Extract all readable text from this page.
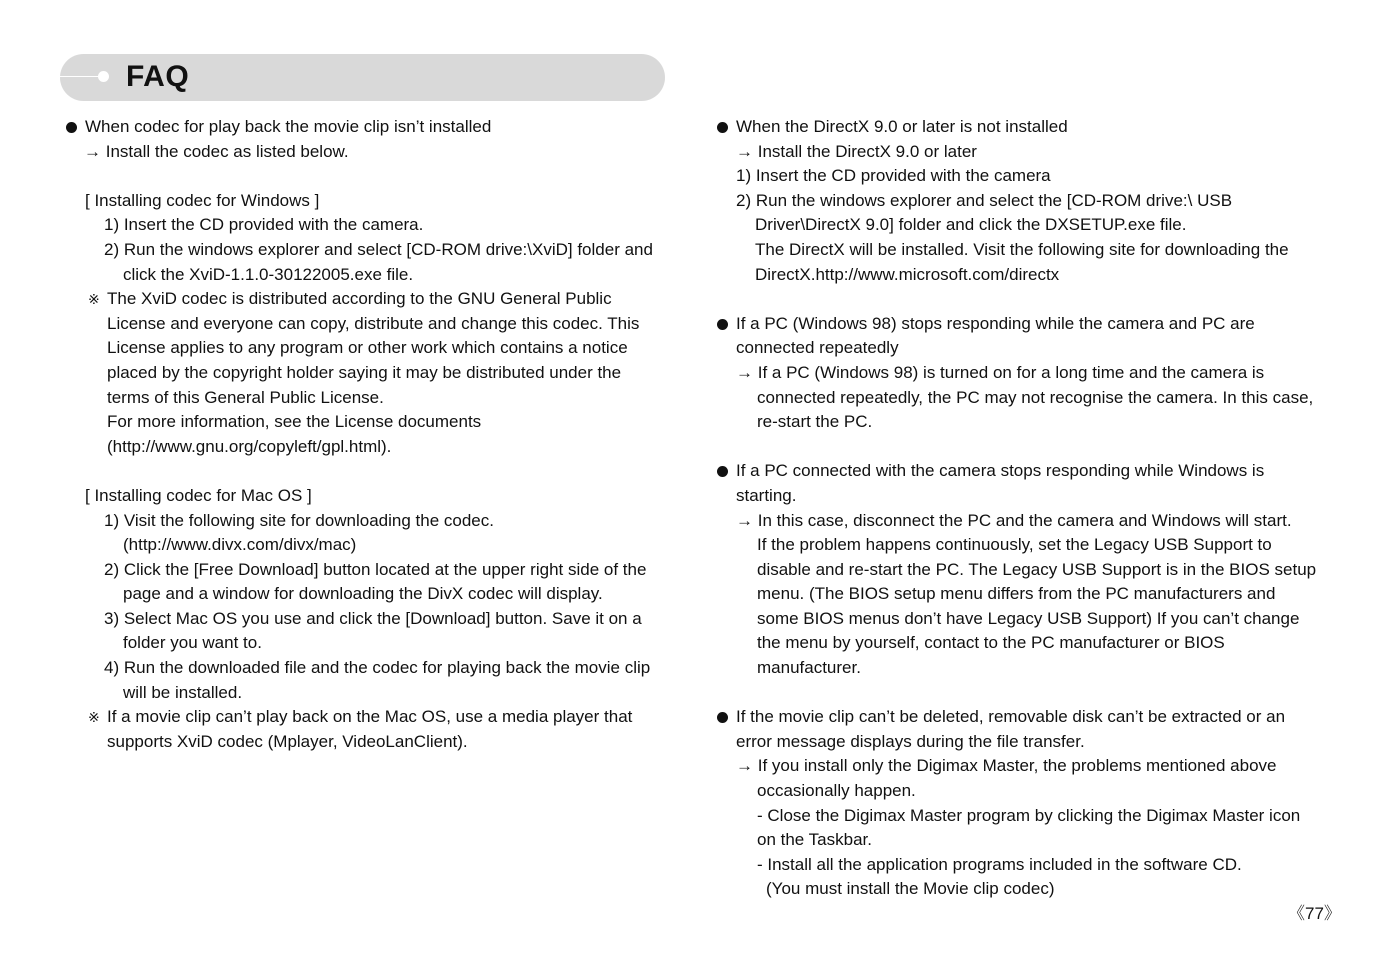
FAQ
When codec for play back the movie clip isn’t installed
→ Install the codec as listed below.
[ Installing codec for Windows ]
1) Insert the CD provided with the camera.
2) Run the windows explorer and select [CD-ROM drive:\XviD] folder and click the XviD-1.1.0-30122005.exe file.
※ The XviD codec is distributed according to the GNU General Public License and everyone can copy, distribute and change this codec. This License applies to any program or other work which contains a notice placed by the copyright holder saying it may be distributed under the terms of this General Public License.
For more information, see the License documents
(http://www.gnu.org/copyleft/gpl.html).
[ Installing codec for Mac OS ]
1) Visit the following site for downloading the codec.
(http://www.divx.com/divx/mac)
2) Click the [Free Download] button located at the upper right side of the page and a window for downloading the DivX codec will display.
3) Select Mac OS you use and click the [Download] button. Save it on a folder you want to.
4) Run the downloaded file and the codec for playing back the movie clip will be installed.
※ If a movie clip can’t play back on the Mac OS, use a media player that supports XviD codec (Mplayer, VideoLanClient).
When the DirectX 9.0 or later is not installed
→ Install the DirectX 9.0 or later
1) Insert the CD provided with the camera
2) Run the windows explorer and select the [CD-ROM drive:\ USB Driver\DirectX 9.0] folder and click the DXSETUP.exe file.
The DirectX will be installed. Visit the following site for downloading the DirectX.http://www.microsoft.com/directx
If a PC (Windows 98) stops responding while the camera and PC are connected repeatedly
→ If a PC (Windows 98) is turned on for a long time and the camera is connected repeatedly, the PC may not recognise the camera. In this case, re-start the PC.
If a PC connected with the camera stops responding while Windows is starting.
→ In this case, disconnect the PC and the camera and Windows will start.
If the problem happens continuously, set the Legacy USB Support to disable and re-start the PC. The Legacy USB Support is in the BIOS setup menu. (The BIOS setup menu differs from the PC manufacturers and some BIOS menus don’t have Legacy USB Support) If you can’t change the menu by yourself, contact to the PC manufacturer or BIOS manufacturer.
If the movie clip can’t be deleted, removable disk can’t be extracted or an error message displays during the file transfer.
→ If you install only the Digimax Master, the problems mentioned above occasionally happen.
- Close the Digimax Master program by clicking the Digimax Master icon on the Taskbar.
- Install all the application programs included in the software CD.
(You must install the Movie clip codec)
《77》
